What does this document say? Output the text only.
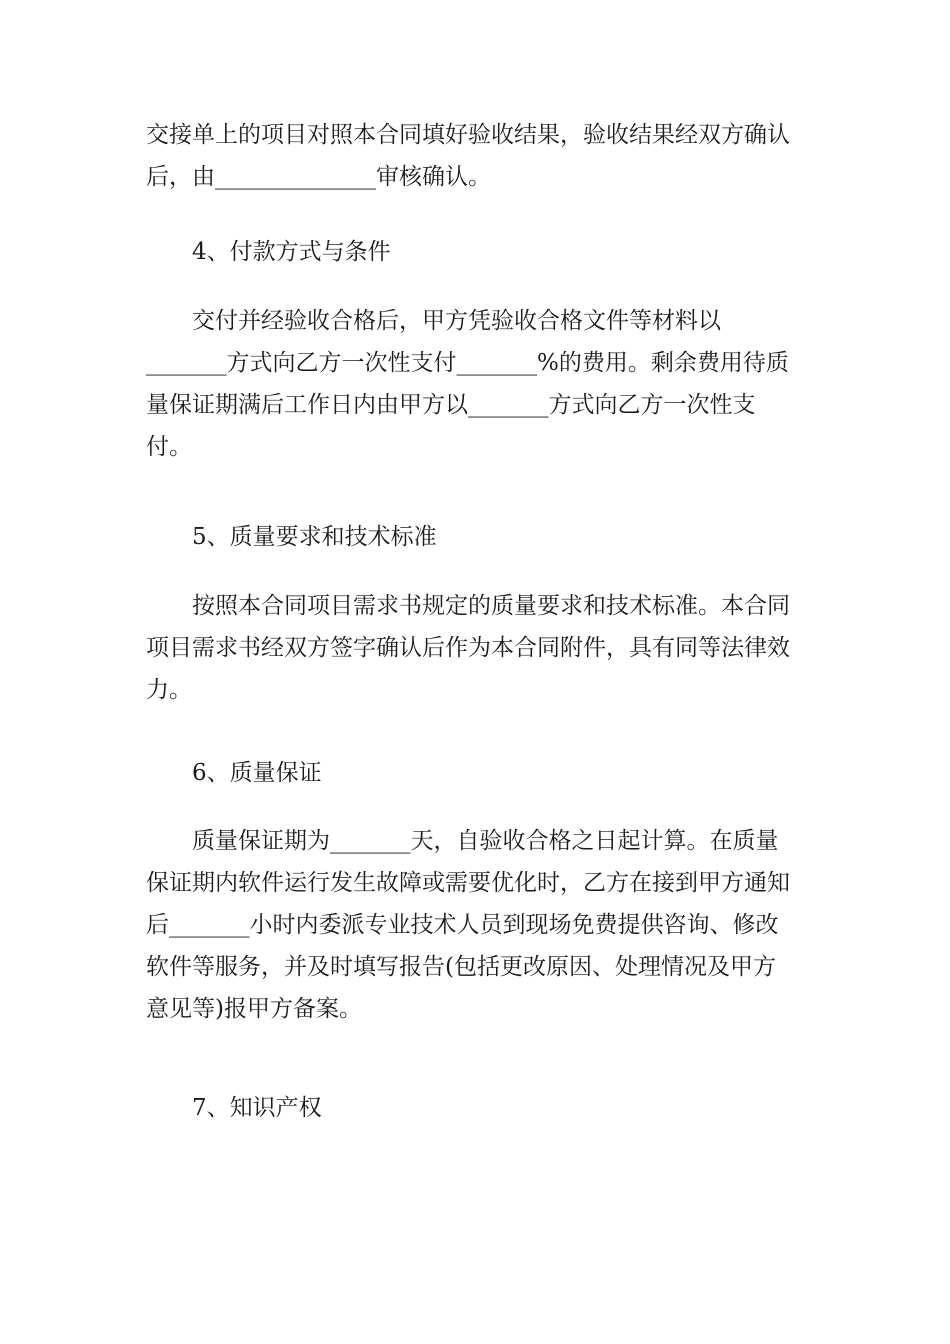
交接单上的项目对照本合同填好验收结果，验收结果经双方确认
后，由______________审核确认。
4、付款方式与条件
交付并经验收合格后，甲方凭验收合格文件等材料以
_______方式向乙方一次性支付_______%的费用。剩余费用待质
量保证期满后工作日内由甲方以_______方式向乙方一次性支
付。
5、质量要求和技术标准
按照本合同项目需求书规定的质量要求和技术标准。本合同
项目需求书经双方签字确认后作为本合同附件，具有同等法律效
力。
6、质量保证
质量保证期为_______天，自验收合格之日起计算。在质量
保证期内软件运行发生故障或需要优化时，乙方在接到甲方通知
后_______小时内委派专业技术人员到现场免费提供咨询、修改
软件等服务，并及时填写报告(包括更改原因、处理情况及甲方
意见等)报甲方备案。
7、知识产权
